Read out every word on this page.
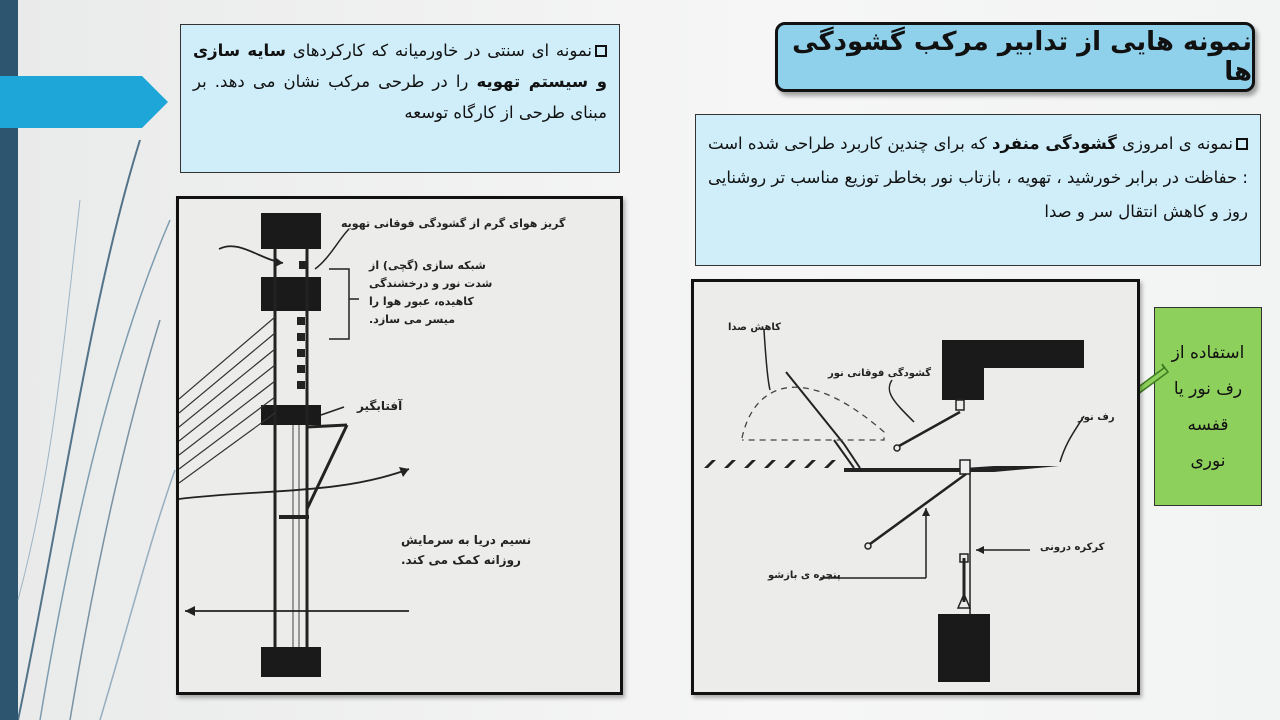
نمونه هایی از تدابیر مرکب گشودگی ها
نمونه ای سنتی در خاورمیانه که کارکردهای سایه سازی و سیستم تهویه را در طرحی مرکب نشان می دهد. بر مبنای طرحی از کارگاه توسعه
نمونه ی امروزی گشودگی منفرد که برای چندین کاربرد طراحی شده است : حفاظت در برابر خورشید ، تهویه ، بازتاب نور بخاطر توزیع مناسب تر روشنایی روز و کاهش انتقال سر و صدا
استفاده از
رف نور یا
قفسه
نوری
گریز هوای گرم از گشودگی فوقانی تهویه
شبکه سازی (گچی) از
شدت نور و درخشندگی
کاهیده، عبور هوا را
میسر می سازد.
آفتابگیر
نسیم دریا به سرمایش
روزانه کمک می کند.
کاهش صدا
گشودگی فوقانی نور
رف نور
کرکره درونی
پنجره ی بازشو
